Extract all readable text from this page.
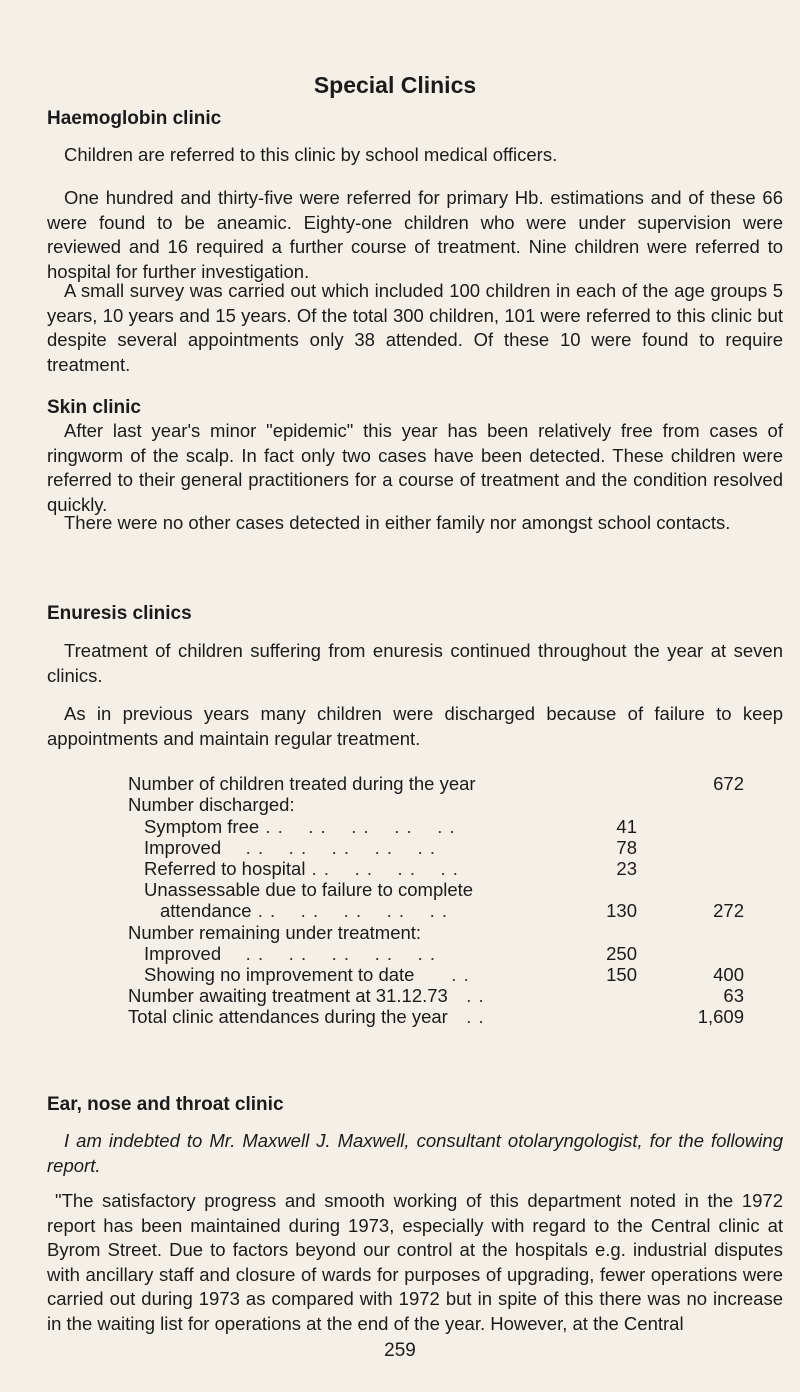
Special Clinics
Haemoglobin clinic
Children are referred to this clinic by school medical officers.
One hundred and thirty-five were referred for primary Hb. estimations and of these 66 were found to be aneamic. Eighty-one children who were under supervision were reviewed and 16 required a further course of treatment. Nine children were referred to hospital for further investigation.
A small survey was carried out which included 100 children in each of the age groups 5 years, 10 years and 15 years. Of the total 300 children, 101 were referred to this clinic but despite several appointments only 38 attended. Of these 10 were found to require treatment.
Skin clinic
After last year's minor "epidemic" this year has been relatively free from cases of ringworm of the scalp. In fact only two cases have been detected. These children were referred to their general practitioners for a course of treatment and the condition resolved quickly.
There were no other cases detected in either family nor amongst school contacts.
Enuresis clinics
Treatment of children suffering from enuresis continued throughout the year at seven clinics.
As in previous years many children were discharged because of failure to keep appointments and maintain regular treatment.
Number of children treated during the year		672
Number discharged:		
Symptom free . .    . .    . .    . .    . .	41	
Improved    . .    . .    . .    . .    . .	78	
Referred to hospital . .    . .    . .    . .	23	
Unassessable due to failure to complete		
attendance . .    . .    . .    . .    . .	130	272
Number remaining under treatment:		
Improved    . .    . .    . .    . .    . .	250	
Showing no improvement to date      . .	150	400
Number awaiting treatment at 31.12.73   . .		63
Total clinic attendances during the year   . .		1,609
Ear, nose and throat clinic
I am indebted to Mr. Maxwell J. Maxwell, consultant otolaryngologist, for the following report.
"The satisfactory progress and smooth working of this department noted in the 1972 report has been maintained during 1973, especially with regard to the Central clinic at Byrom Street. Due to factors beyond our control at the hospitals e.g. industrial disputes with ancillary staff and closure of wards for purposes of upgrading, fewer operations were carried out during 1973 as compared with 1972 but in spite of this there was no increase in the waiting list for operations at the end of the year. However, at the Central
259
